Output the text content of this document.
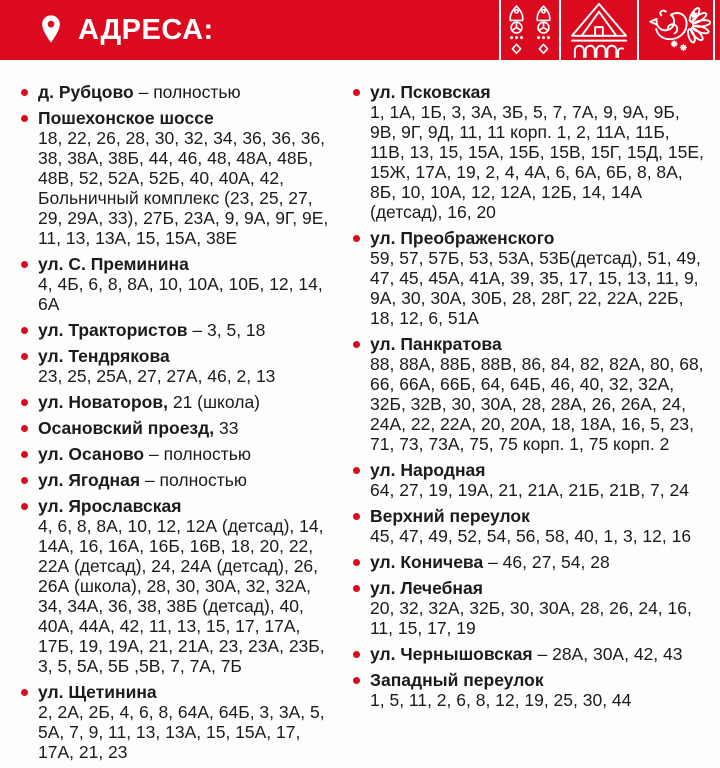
АДРЕСА:
д. Рубцово – полностью
Пошехонское шоссе
18, 22, 26, 28, 30, 32, 34, 36, 36, 36, 38, 38А, 38Б, 44, 46, 48, 48А, 48Б, 48В, 52, 52А, 52Б, 40, 40А, 42, Больничный комплекс (23, 25, 27, 29, 29А, 33), 27Б, 23А, 9, 9А, 9Г, 9Е, 11, 13, 13А, 15, 15А, 38Е
ул. С. Преминина
4, 4Б, 6, 8, 8А, 10, 10А, 10Б, 12, 14, 6А
ул. Трактористов – 3, 5, 18
ул. Тендрякова
23, 25, 25А, 27, 27А, 46, 2, 13
ул. Новаторов, 21 (школа)
Осановский проезд, 33
ул. Осаново – полностью
ул. Ягодная – полностью
ул. Ярославская
4, 6, 8, 8А, 10, 12, 12А (детсад), 14, 14А, 16, 16А, 16Б, 16В, 18, 20, 22, 22А (детсад), 24, 24А (детсад), 26, 26А (школа), 28, 30, 30А, 32, 32А, 34, 34А, 36, 38, 38Б (детсад), 40, 40А, 44А, 42, 11, 13, 15, 17, 17А, 17Б, 19, 19А, 21, 21А, 23, 23А, 23Б, 3, 5, 5А, 5Б ,5В, 7, 7А, 7Б
ул. Щетинина
2, 2А, 2Б, 4, 6, 8, 64А, 64Б, 3, 3А, 5, 5А, 7, 9, 11, 13, 13А, 15, 15А, 17, 17А, 21, 23
ул. Псковская
1, 1А, 1Б, 3, 3А, 3Б, 5, 7, 7А, 9, 9А, 9Б, 9В, 9Г, 9Д, 11, 11 корп. 1, 2, 11А, 11Б, 11В, 13, 15, 15А, 15Б, 15В, 15Г, 15Д, 15Е, 15Ж, 17А, 19, 2, 4, 4А, 6, 6А, 6Б, 8, 8А, 8Б, 10, 10А, 12, 12А, 12Б, 14, 14А (детсад), 16, 20
ул. Преображенского
59, 57, 57Б, 53, 53А, 53Б(детсад), 51, 49, 47, 45, 45А, 41А, 39, 35, 17, 15, 13, 11, 9, 9А, 30, 30А, 30Б, 28, 28Г, 22, 22А, 22Б, 18, 12, 6, 51А
ул. Панкратова
88, 88А, 88Б, 88В, 86, 84, 82, 82А, 80, 68, 66, 66А, 66Б, 64, 64Б, 46, 40, 32, 32А, 32Б, 32В, 30, 30А, 28, 28А, 26, 26А, 24, 24А, 22, 22А, 20, 20А, 18, 18А, 16, 5, 23, 71, 73, 73А, 75, 75 корп. 1, 75 корп. 2
ул. Народная
64, 27, 19, 19А, 21, 21А, 21Б, 21В, 7, 24
Верхний переулок
45, 47, 49, 52, 54, 56, 58, 40, 1, 3, 12, 16
ул. Коничева – 46, 27, 54, 28
ул. Лечебная
20, 32, 32А, 32Б, 30, 30А, 28, 26, 24, 16, 11, 15, 17, 19
ул. Чернышовская – 28А, 30А, 42, 43
Западный переулок
1, 5, 11, 2, 6, 8, 12, 19, 25, 30, 44
